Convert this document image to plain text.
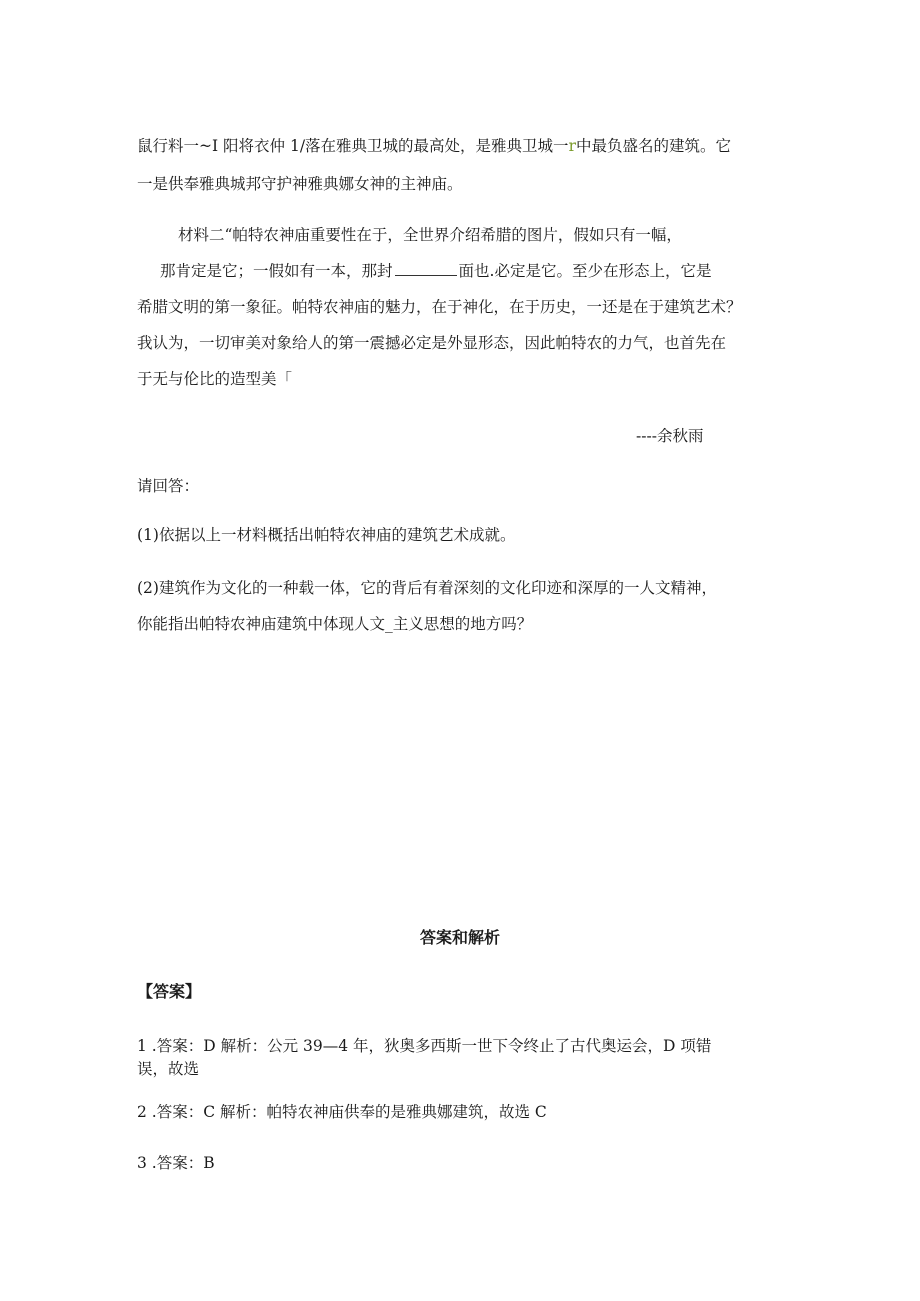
鼠行料一~I 阳将衣仲 1/落在雅典卫城的最高处，是雅典卫城一r中最负盛名的建筑。它
一是供奉雅典城邦守护神雅典娜女神的主神庙。
材料二“帕特农神庙重要性在于，全世界介绍希腊的图片，假如只有一幅，
那肯定是它；一假如有一本，那封	面也.必定是它。至少在形态上，它是
希腊文明的第一象征。帕特农神庙的魅力，在于神化，在于历史，一还是在于建筑艺术？
我认为，一切审美对象给人的第一震撼必定是外显形态，因此帕特农的力气，也首先在
于无与伦比的造型美「
----余秋雨
请回答：
(1)依据以上一材料概括出帕特农神庙的建筑艺术成就。
(2)建筑作为文化的一种载一体，它的背后有着深刻的文化印迹和深厚的一人文精神，
你能指出帕特农神庙建筑中体现人文_主义思想的地方吗？
答案和解析
【答案】
1 .答案：D 解析：公元 39—4 年，狄奥多西斯一世下令终止了古代奥运会，D 项错
误，故选
2 .答案：C 解析：帕特农神庙供奉的是雅典娜建筑，故选 C
3 .答案：B
